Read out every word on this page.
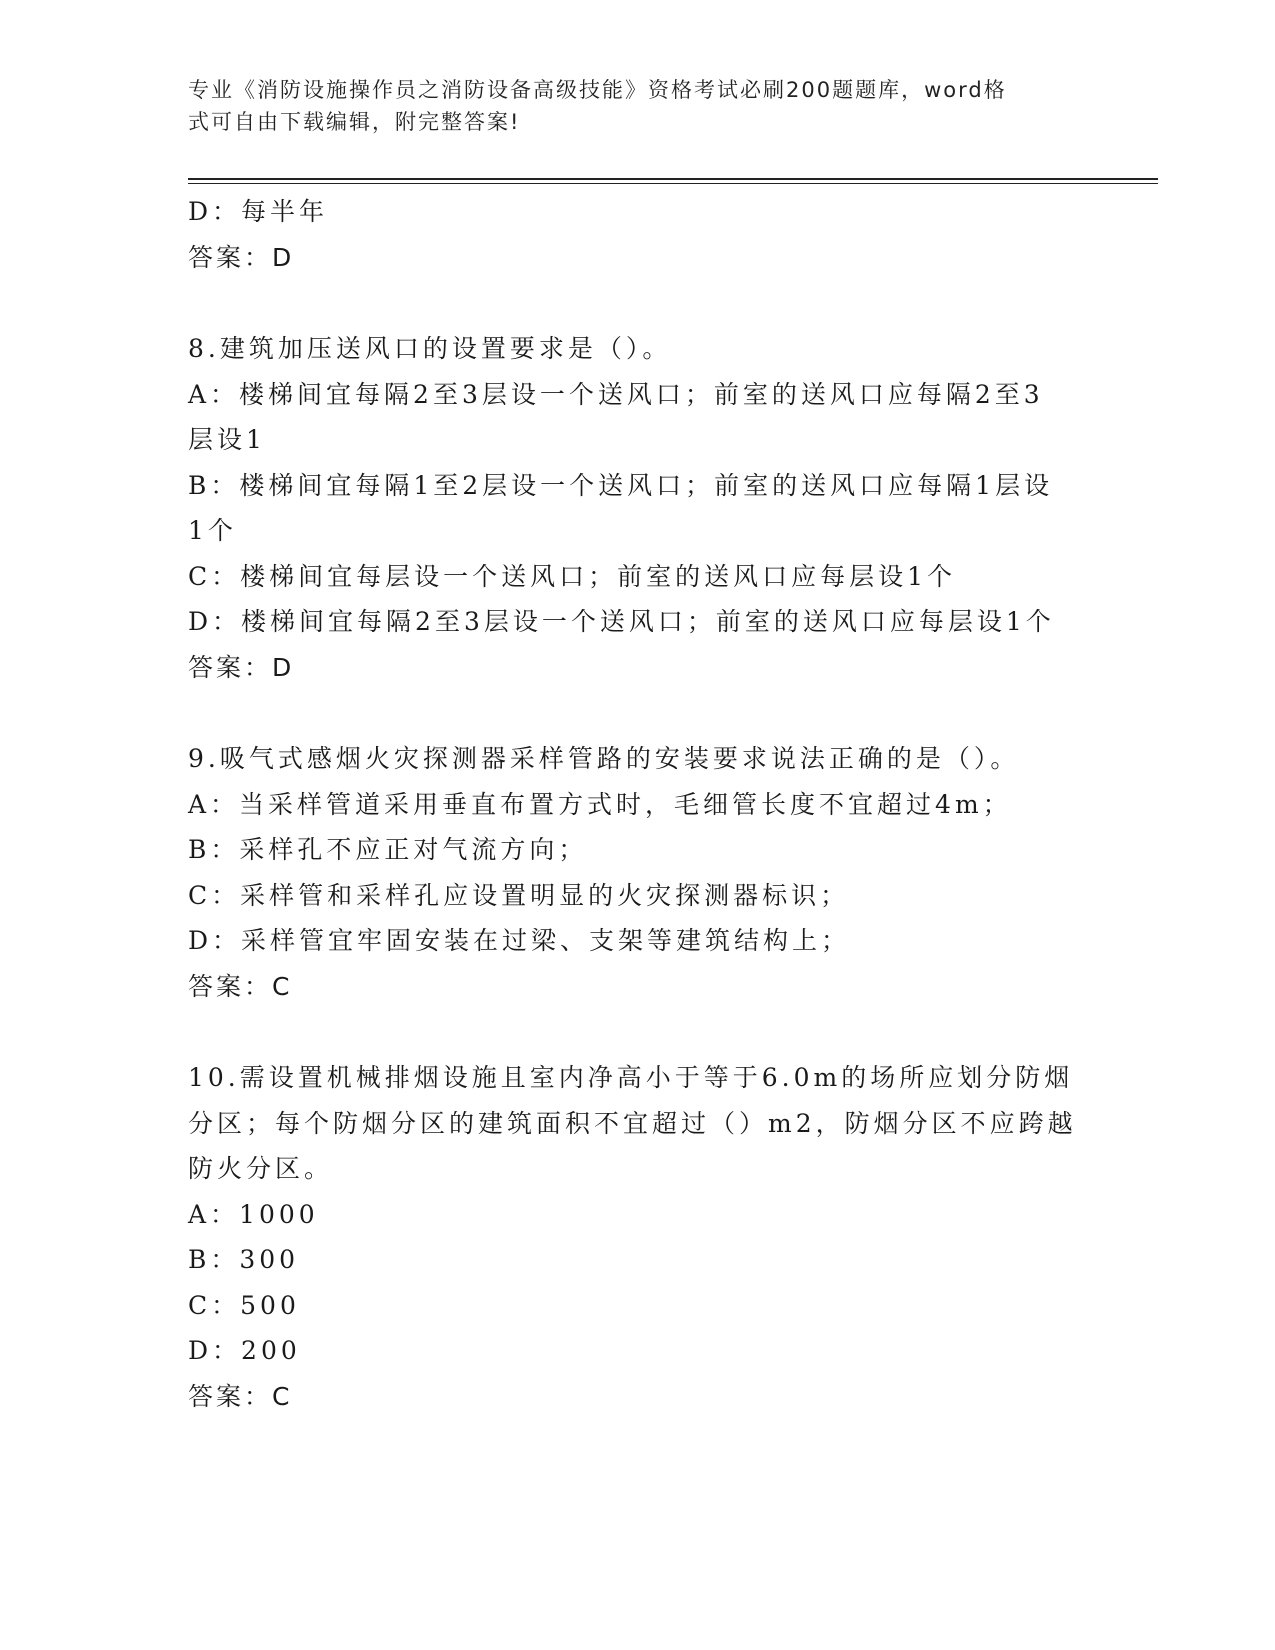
专业《消防设施操作员之消防设备高级技能》资格考试必刷200题题库，word格
式可自由下载编辑，附完整答案!
D：每半年
答案：D
8.建筑加压送风口的设置要求是（）。
A：楼梯间宜每隔2至3层设一个送风口；前室的送风口应每隔2至3
层设1
B：楼梯间宜每隔1至2层设一个送风口；前室的送风口应每隔1层设
1个
C：楼梯间宜每层设一个送风口；前室的送风口应每层设1个
D：楼梯间宜每隔2至3层设一个送风口；前室的送风口应每层设1个
答案：D
9.吸气式感烟火灾探测器采样管路的安装要求说法正确的是（）。
A：当采样管道采用垂直布置方式时，毛细管长度不宜超过4m；
B：采样孔不应正对气流方向；
C：采样管和采样孔应设置明显的火灾探测器标识；
D：采样管宜牢固安装在过梁、支架等建筑结构上；
答案：C
10.需设置机械排烟设施且室内净高小于等于6.0m的场所应划分防烟
分区；每个防烟分区的建筑面积不宜超过（）m2，防烟分区不应跨越
防火分区。
A：1000
B：300
C：500
D：200
答案：C
